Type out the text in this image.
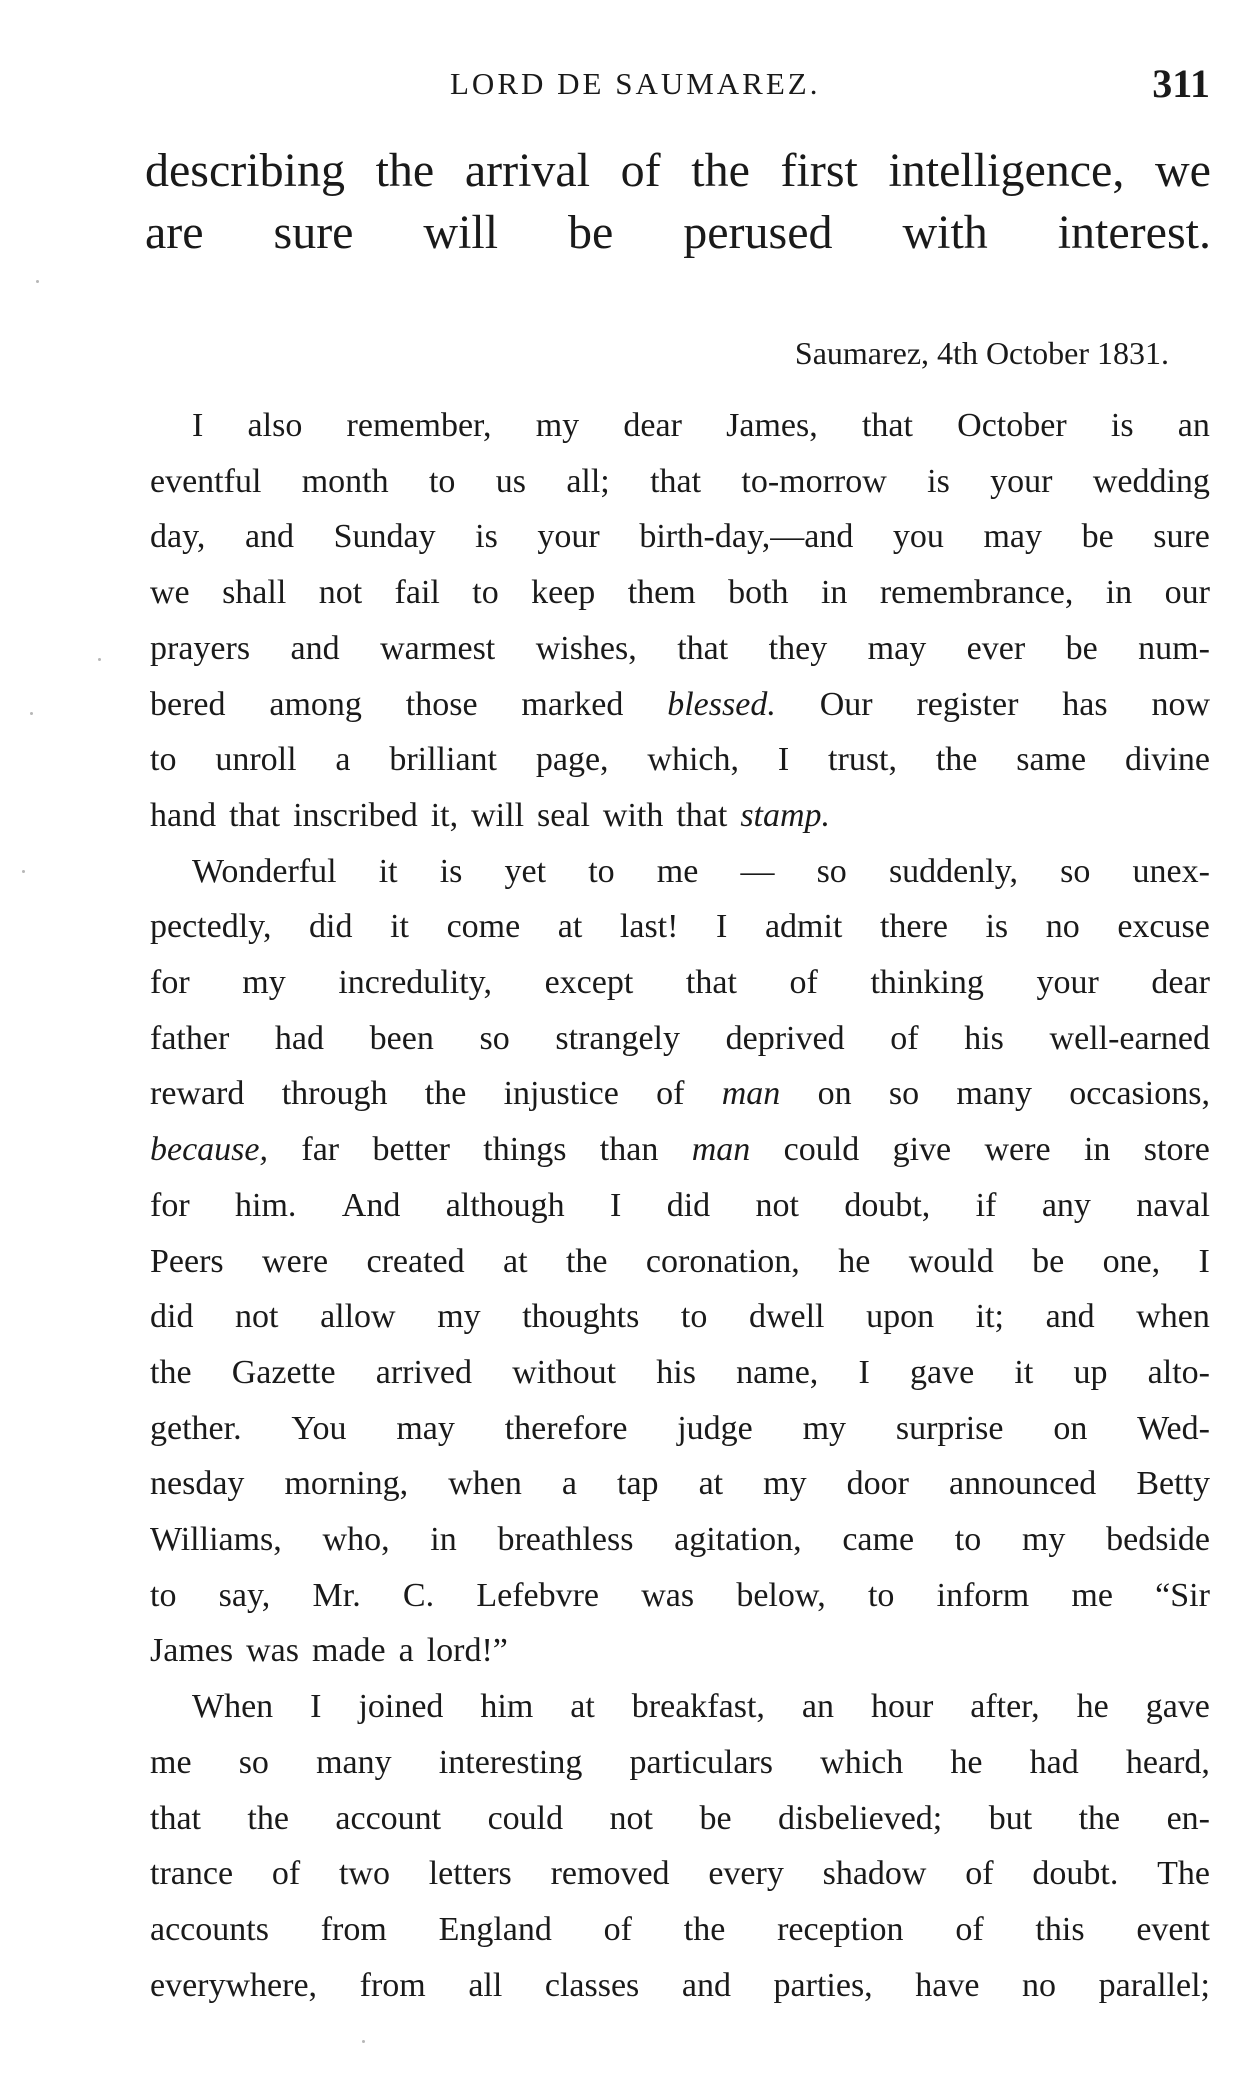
LORD DE SAUMAREZ.	311
describing the arrival of the first intelligence, we
are sure will be perused with interest.
Saumarez, 4th October 1831.
I also remember, my dear James, that October is an
eventful month to us all; that to-morrow is your wedding
day, and Sunday is your birth-day,—and you may be sure
we shall not fail to keep them both in remembrance, in our
prayers and warmest wishes, that they may ever be num-
bered among those marked blessed. Our register has now
to unroll a brilliant page, which, I trust, the same divine
hand that inscribed it, will seal with that stamp.
Wonderful it is yet to me — so suddenly, so unex-
pectedly, did it come at last! I admit there is no excuse
for my incredulity, except that of thinking your dear
father had been so strangely deprived of his well-earned
reward through the injustice of man on so many occasions,
because, far better things than man could give were in store
for him. And although I did not doubt, if any naval
Peers were created at the coronation, he would be one, I
did not allow my thoughts to dwell upon it; and when
the Gazette arrived without his name, I gave it up alto-
gether. You may therefore judge my surprise on Wed-
nesday morning, when a tap at my door announced Betty
Williams, who, in breathless agitation, came to my bedside
to say, Mr. C. Lefebvre was below, to inform me “Sir
James was made a lord!”
When I joined him at breakfast, an hour after, he gave
me so many interesting particulars which he had heard,
that the account could not be disbelieved; but the en-
trance of two letters removed every shadow of doubt. The
accounts from England of the reception of this event
everywhere, from all classes and parties, have no parallel;
